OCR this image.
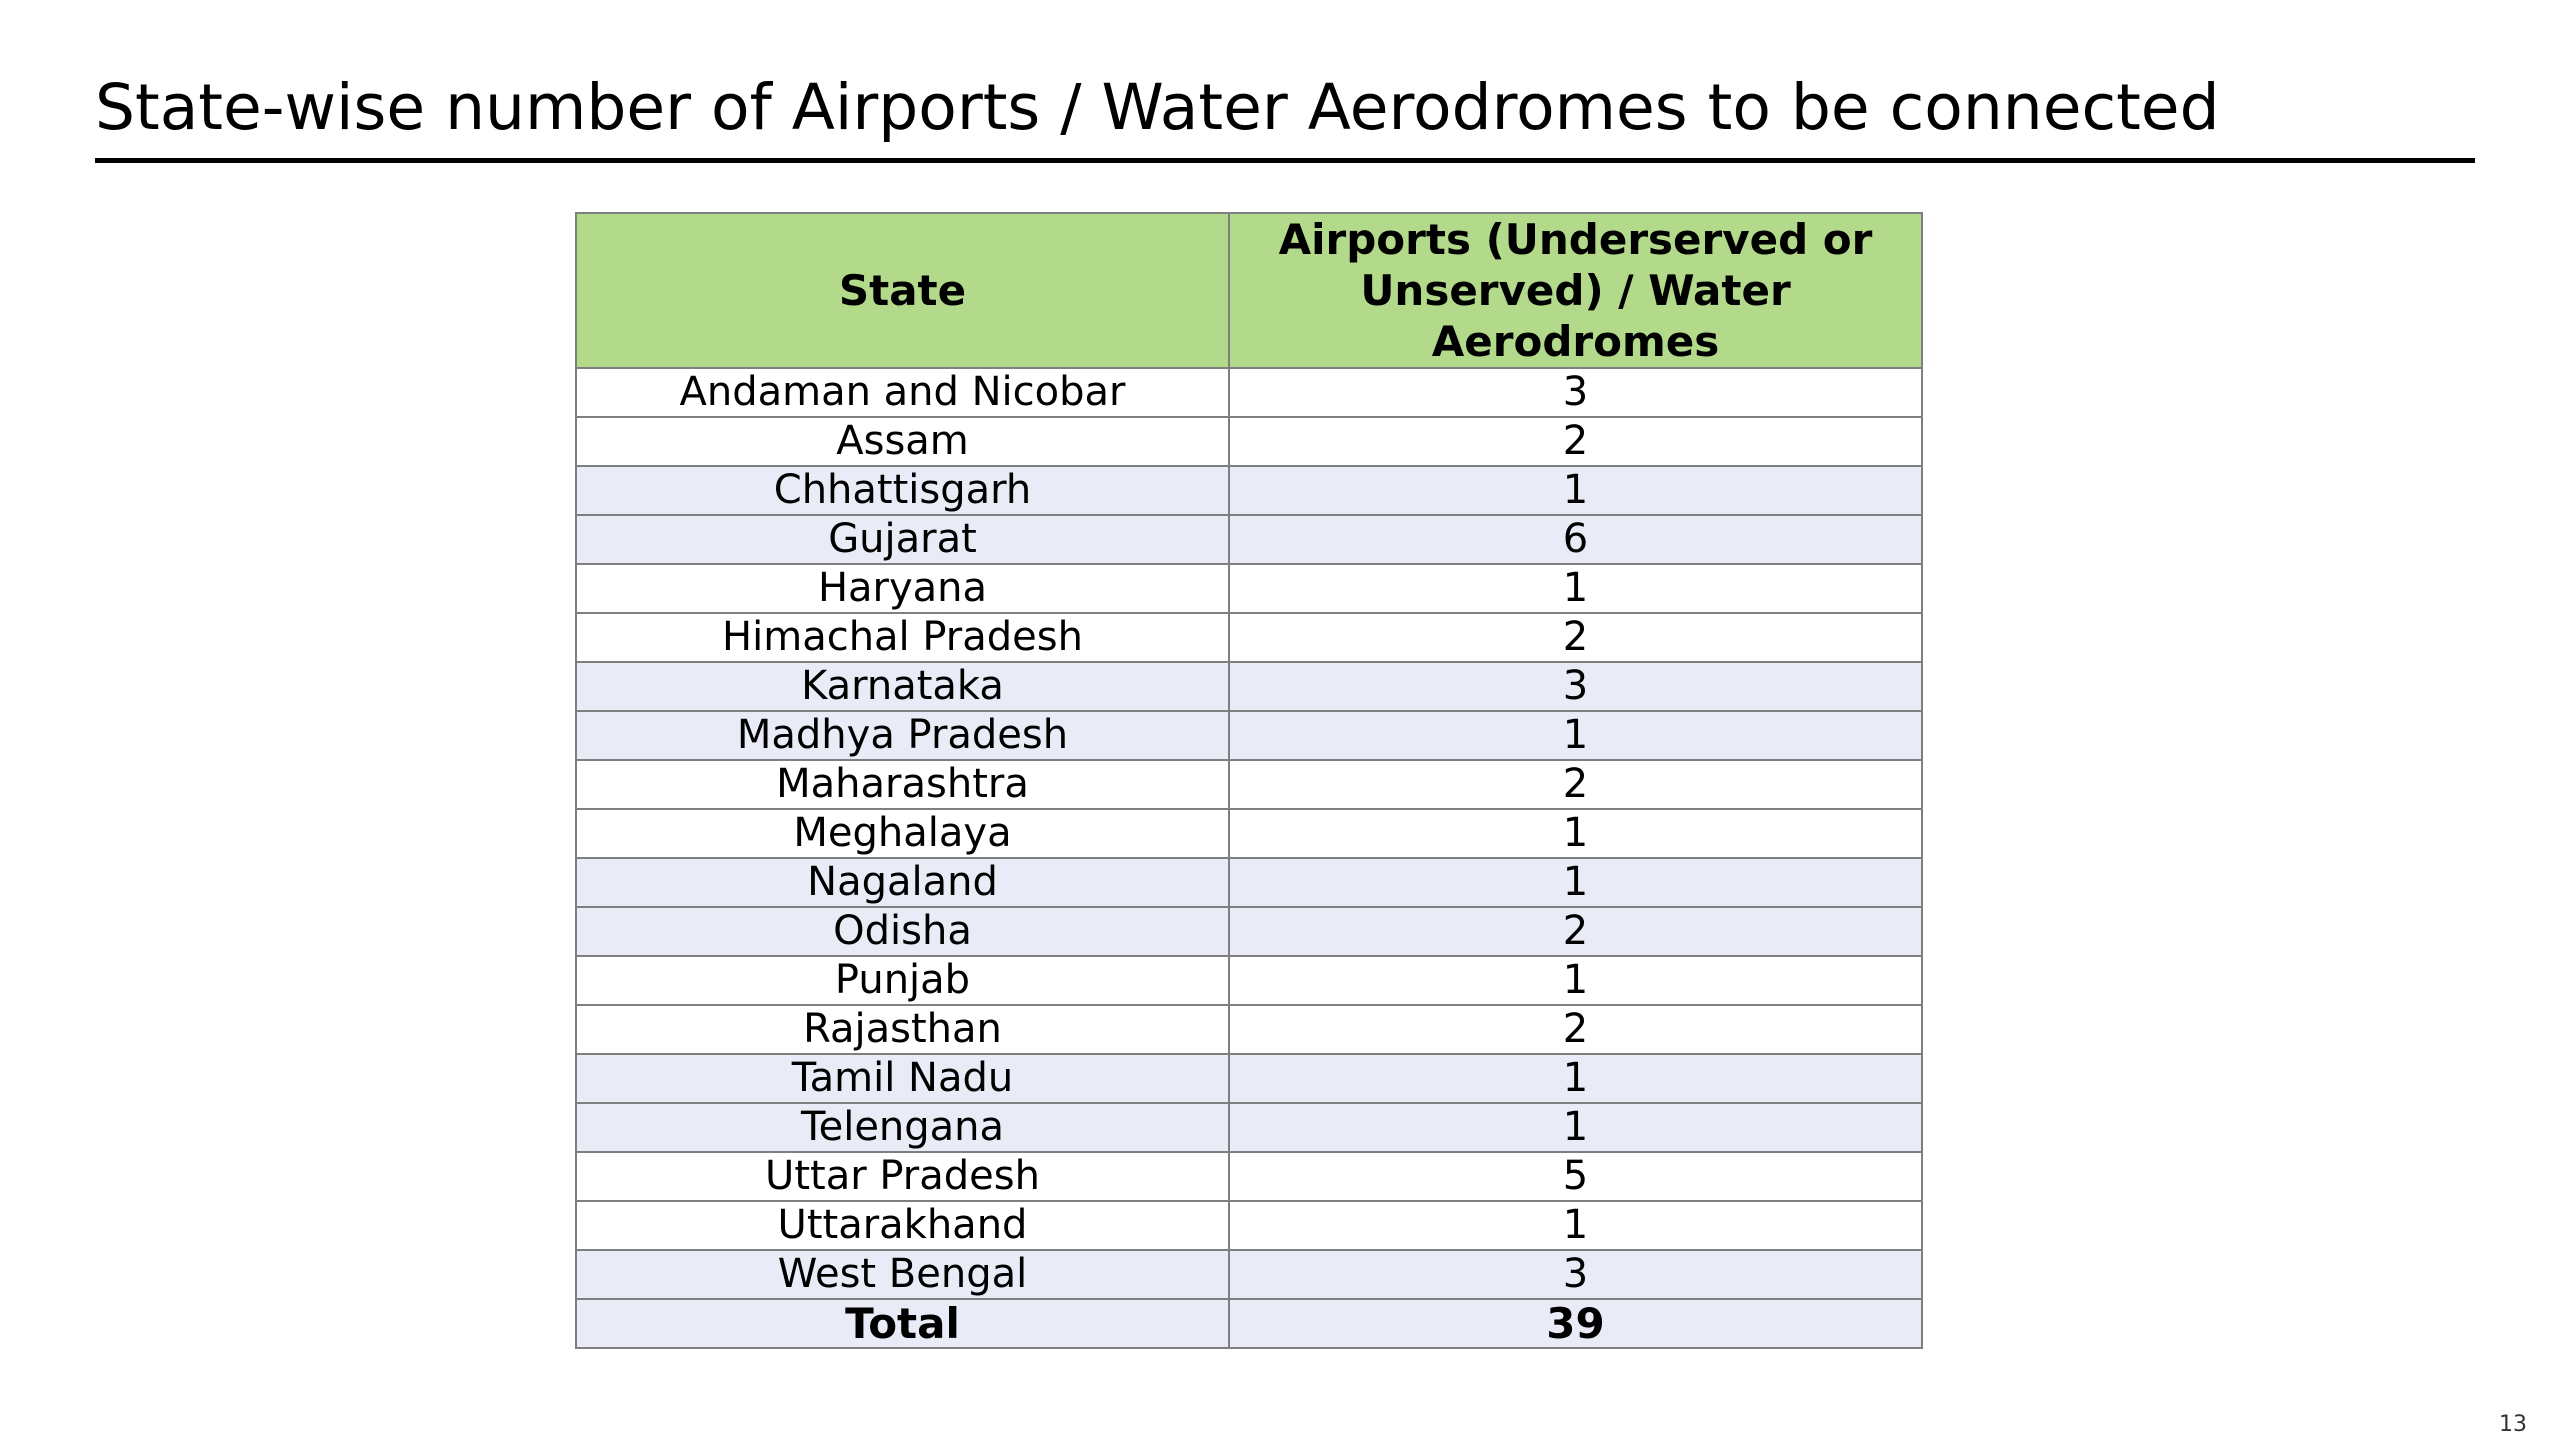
State-wise number of Airports / Water Aerodromes to be connected
State	Airports (Underserved or Unserved) / Water Aerodromes
Andaman and Nicobar	3
Assam	2
Chhattisgarh	1
Gujarat	6
Haryana	1
Himachal Pradesh	2
Karnataka	3
Madhya Pradesh	1
Maharashtra	2
Meghalaya	1
Nagaland	1
Odisha	2
Punjab	1
Rajasthan	2
Tamil Nadu	1
Telengana	1
Uttar Pradesh	5
Uttarakhand	1
West Bengal	3
Total	39
13
